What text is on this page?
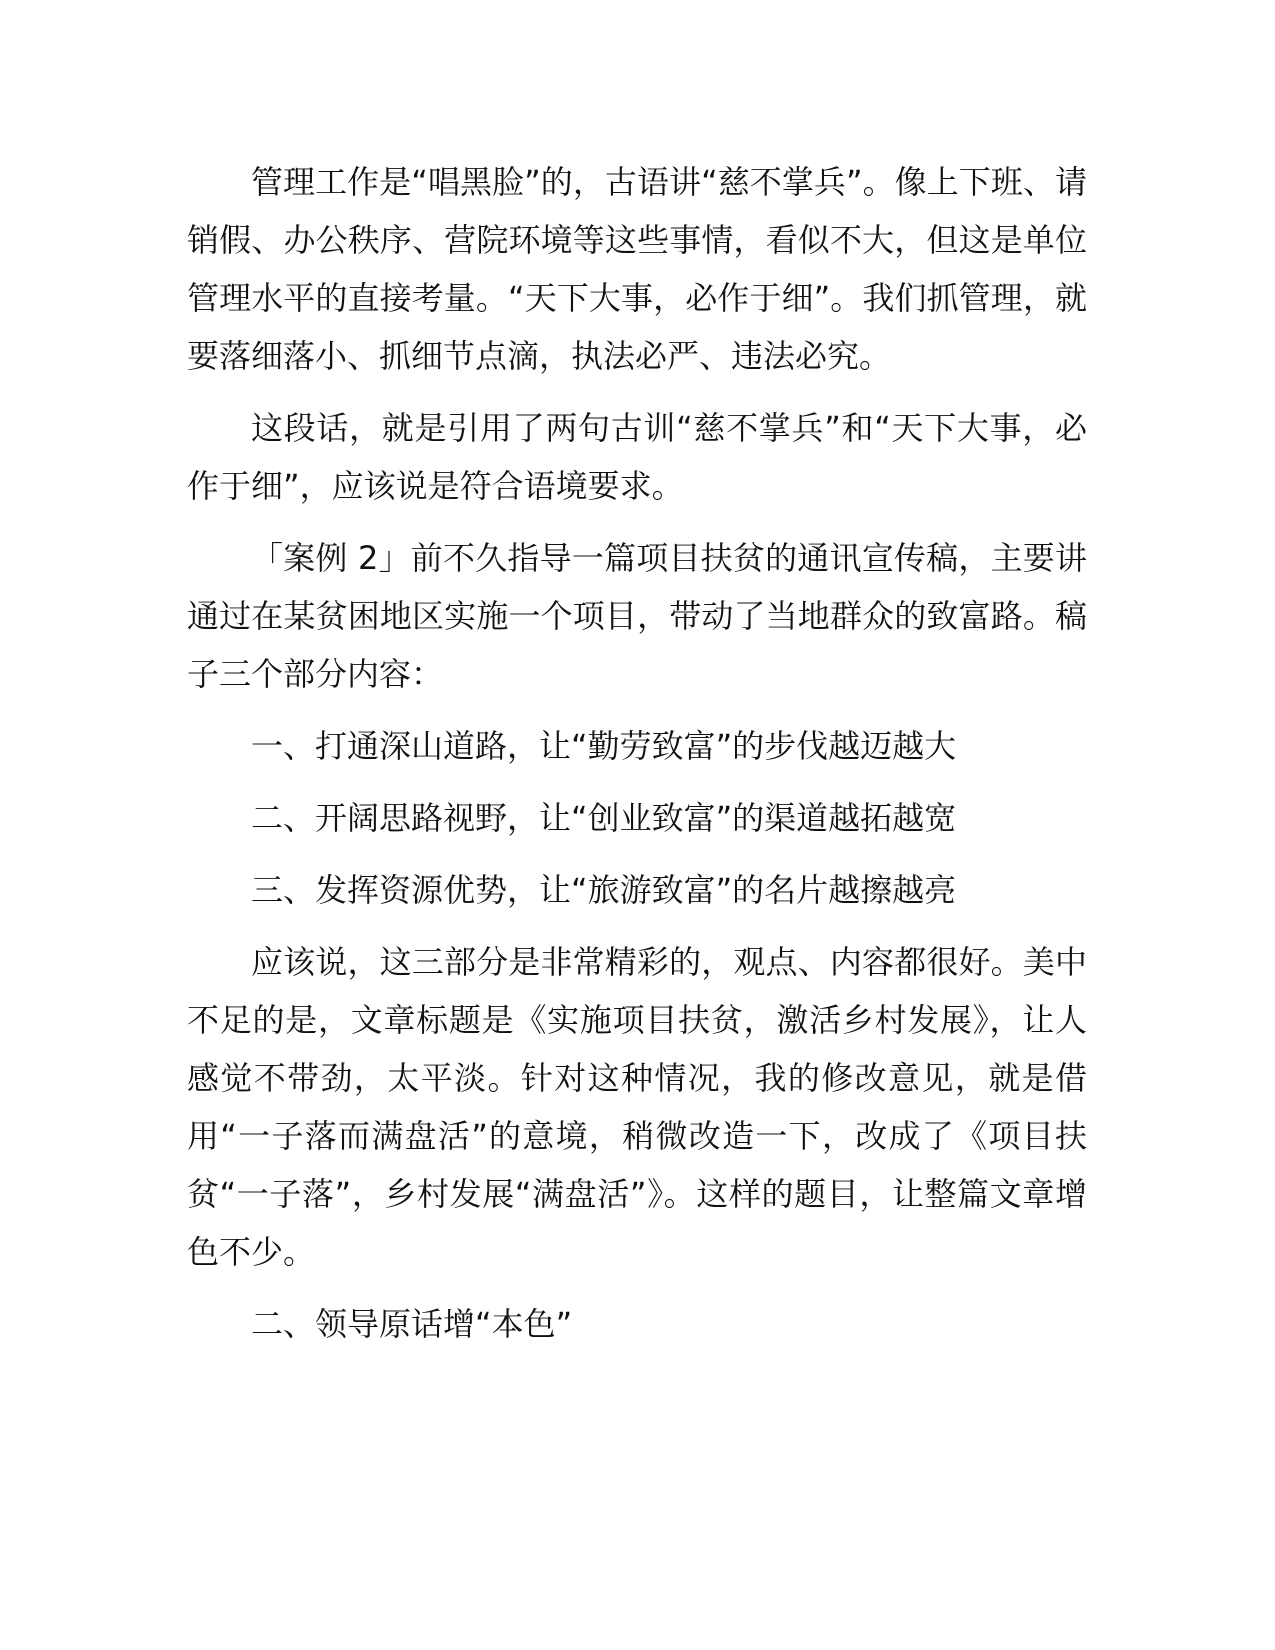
管理工作是“唱黑脸”的，古语讲“慈不掌兵”。像上下班、请销假、办公秩序、营院环境等这些事情，看似不大，但这是单位管理水平的直接考量。“天下大事，必作于细”。我们抓管理，就要落细落小、抓细节点滴，执法必严、违法必究。

这段话，就是引用了两句古训“慈不掌兵”和“天下大事，必作于细”，应该说是符合语境要求。

「案例 2」前不久指导一篇项目扶贫的通讯宣传稿，主要讲通过在某贫困地区实施一个项目，带动了当地群众的致富路。稿子三个部分内容：

一、打通深山道路，让“勤劳致富”的步伐越迈越大

二、开阔思路视野，让“创业致富”的渠道越拓越宽

三、发挥资源优势，让“旅游致富”的名片越擦越亮

应该说，这三部分是非常精彩的，观点、内容都很好。美中不足的是，文章标题是《实施项目扶贫，激活乡村发展》，让人感觉不带劲，太平淡。针对这种情况，我的修改意见，就是借用“一子落而满盘活”的意境，稍微改造一下，改成了《项目扶贫“一子落”，乡村发展“满盘活”》。这样的题目，让整篇文章增色不少。

二、领导原话增“本色”
